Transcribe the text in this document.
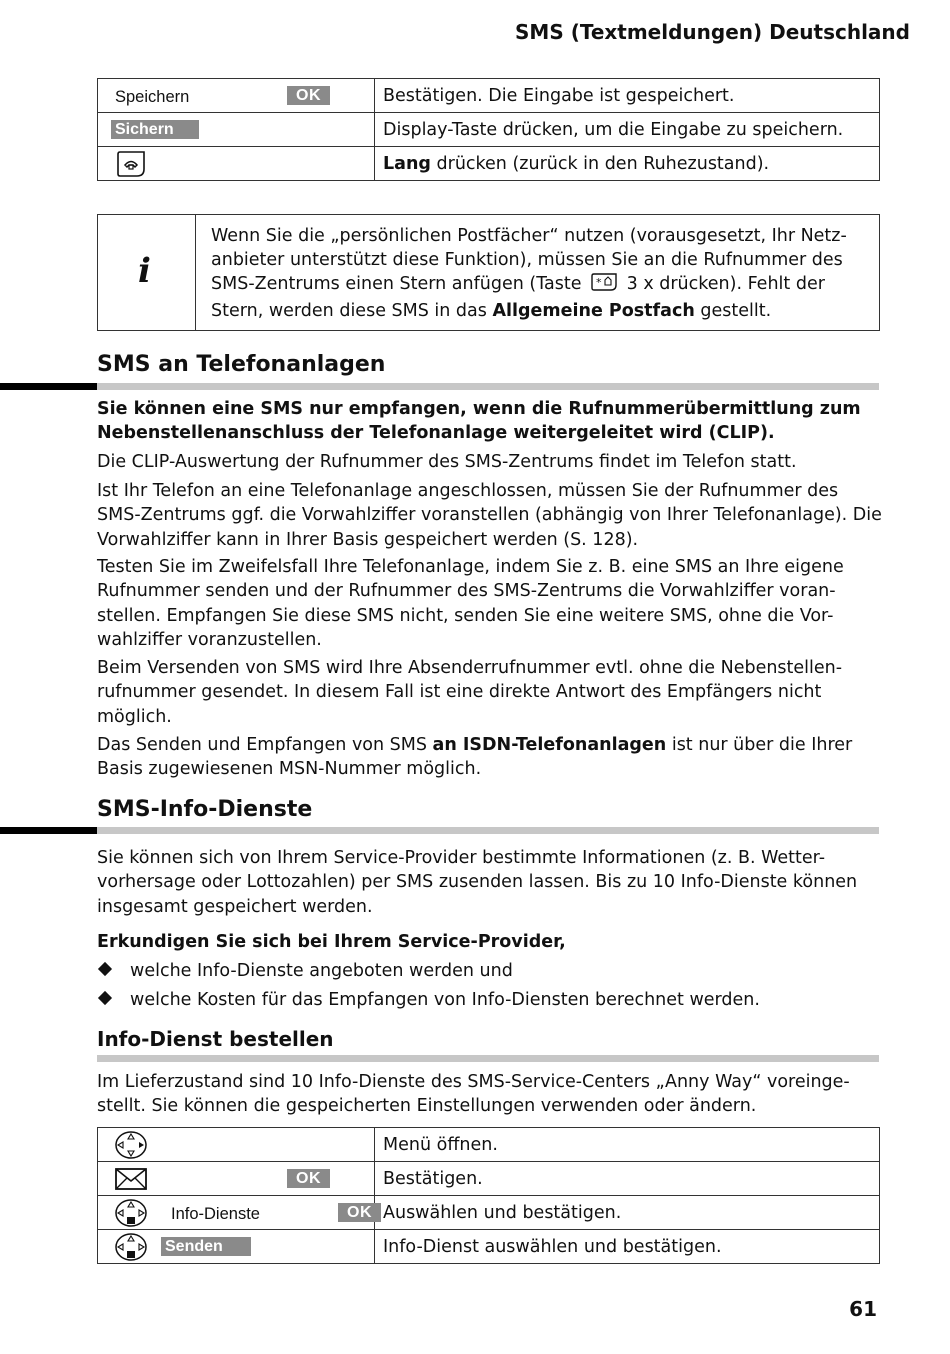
SMS (Textmeldungen) Deutschland
Speichern OK	Bestätigen. Die Eingabe ist gespeichert.

Sichern	Display-Taste drücken, um die Eingabe zu speichern.

	Lang drücken (zurück in den Ruhezustand).
i
Wenn Sie die „persönlichen Postfächer“ nutzen (vorausgesetzt, Ihr Netz-anbieter unterstützt diese Funktion), müssen Sie an die Rufnummer des SMS-Zentrums einen Stern anfügen (Taste * 3 x drücken). Fehlt der Stern, werden diese SMS in das Allgemeine Postfach gestellt.
SMS an Telefonanlagen
Sie können eine SMS nur empfangen, wenn die Rufnummerübermittlung zum Nebenstellenanschluss der Telefonanlage weitergeleitet wird (CLIP).
Die CLIP-Auswertung der Rufnummer des SMS-Zentrums findet im Telefon statt.
Ist Ihr Telefon an eine Telefonanlage angeschlossen, müssen Sie der Rufnummer des SMS-Zentrums ggf. die Vorwahlziffer voranstellen (abhängig von Ihrer Telefonanlage). Die Vorwahlziffer kann in Ihrer Basis gespeichert werden (S. 128).
Testen Sie im Zweifelsfall Ihre Telefonanlage, indem Sie z. B. eine SMS an Ihre eigene Rufnummer senden und der Rufnummer des SMS-Zentrums die Vorwahlziffer voran-stellen. Empfangen Sie diese SMS nicht, senden Sie eine weitere SMS, ohne die Vor-wahlziffer voranzustellen.
Beim Versenden von SMS wird Ihre Absenderrufnummer evtl. ohne die Nebenstellen-rufnummer gesendet. In diesem Fall ist eine direkte Antwort des Empfängers nicht möglich.
Das Senden und Empfangen von SMS an ISDN-Telefonanlagen ist nur über die Ihrer Basis zugewiesenen MSN-Nummer möglich.
SMS-Info-Dienste
Sie können sich von Ihrem Service-Provider bestimmte Informationen (z. B. Wetter-vorhersage oder Lottozahlen) per SMS zusenden lassen. Bis zu 10 Info-Dienste können insgesamt gespeichert werden.
Erkundigen Sie sich bei Ihrem Service-Provider,
welche Info-Dienste angeboten werden und
welche Kosten für das Empfangen von Info-Diensten berechnet werden.
Info-Dienst bestellen
Im Lieferzustand sind 10 Info-Dienste des SMS-Service-Centers „Anny Way“ voreinge-stellt. Sie können die gespeicherten Einstellungen verwenden oder ändern.
	Menü öffnen.

OK	Bestätigen.

Info-Dienste OK	Auswählen und bestätigen.

Senden	Info-Dienst auswählen und bestätigen.
61
